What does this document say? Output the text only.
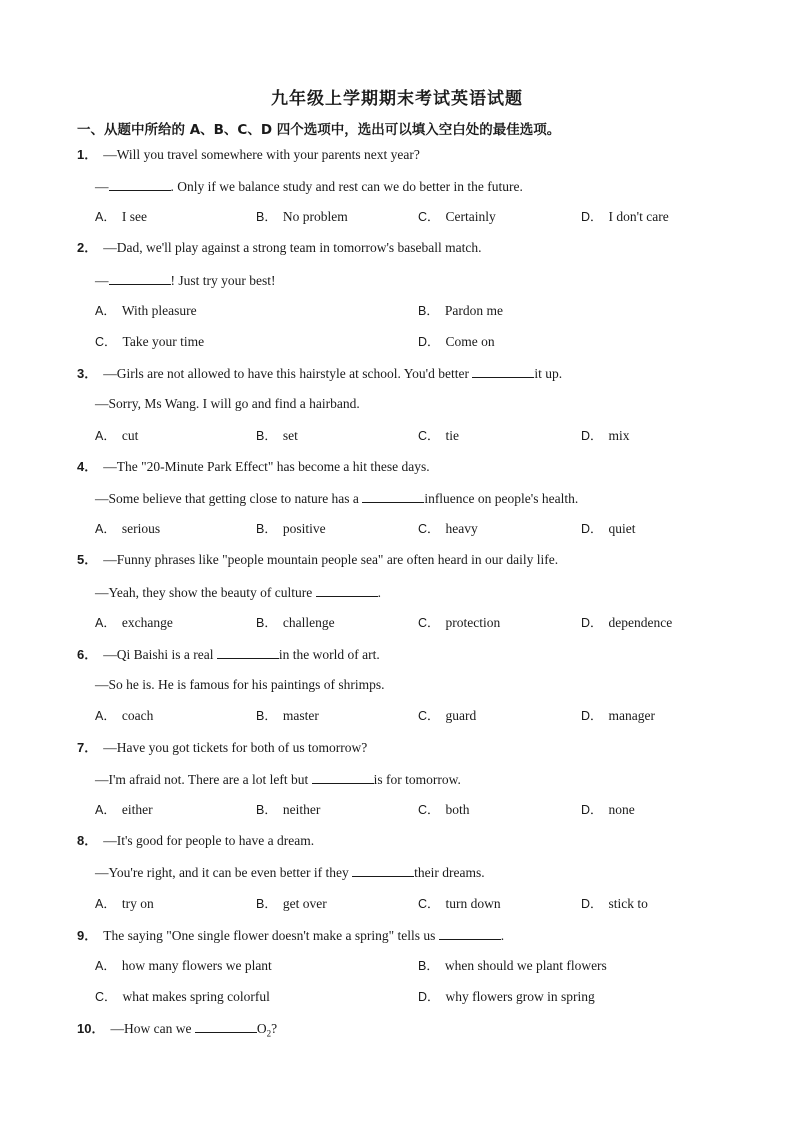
九年级上学期期末考试英语试题
一、从题中所给的 A、B、C、D 四个选项中，选出可以填入空白处的最佳选项。
1． —Will you travel somewhere with your parents next year?
—	. Only if we balance study and rest can we do better in the future.
A． I see	B． No problem	C． Certainly	D． I don't care
2． —Dad, we'll play against a strong team in tomorrow's baseball match.
—	! Just try your best!
A． With pleasure	B． Pardon me
C． Take your time	D． Come on
3． —Girls are not allowed to have this hairstyle at school. You'd better	it up.
—Sorry, Ms Wang. I will go and find a hairband.
A． cut	B． set	C． tie	D． mix
4． —The "20-Minute Park Effect" has become a hit these days.
—Some believe that getting close to nature has a	influence on people's health.
A． serious	B． positive	C． heavy	D． quiet
5． —Funny phrases like "people mountain people sea" are often heard in our daily life.
—Yeah, they show the beauty of culture	.
A． exchange	B． challenge	C． protection	D． dependence
6． —Qi Baishi is a real	in the world of art.
—So he is. He is famous for his paintings of shrimps.
A． coach	B． master	C． guard	D． manager
7． —Have you got tickets for both of us tomorrow?
—I'm afraid not. There are a lot left but	is for tomorrow.
A． either	B． neither	C． both	D． none
8． —It's good for people to have a dream.
—You're right, and it can be even better if they	their dreams.
A． try on	B． get over	C． turn down	D． stick to
9． The saying "One single flower doesn't make a spring" tells us	.
A． how many flowers we plant	B． when should we plant flowers
C． what makes spring colorful	D． why flowers grow in spring
10． —How can we	$O_2$?
